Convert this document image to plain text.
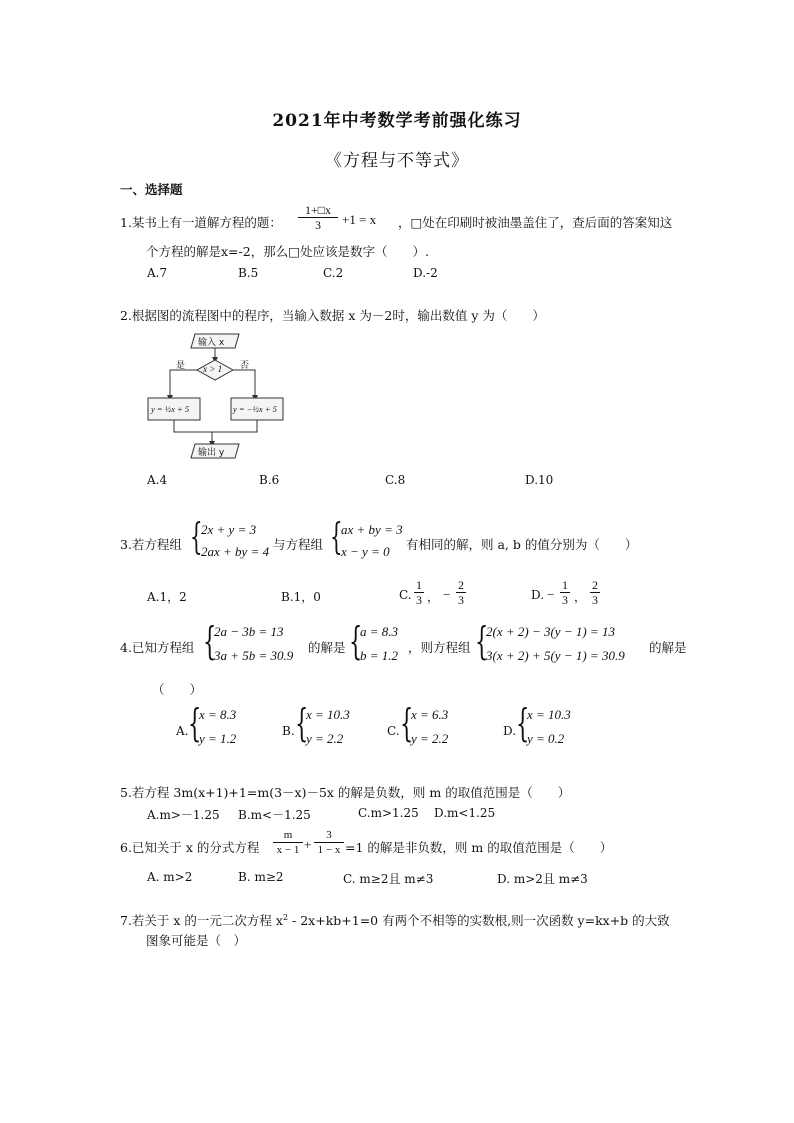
2021年中考数学考前强化练习
《方程与不等式》
一、选择题
1.某书上有一道解方程的题：
1+□x
3 +1 = x ，□处在印刷时被油墨盖住了，查后面的答案知这
个方程的解是x=-2，那么□处应该是数字（　　）.
A.7	B.5	C.2	D.-2
2.根据图的流程图中的程序，当输入数据 x 为－2时，输出数值 y 为（　　）
输入 x
x > 1
是	否
y = ½x + 5	y = −½x + 5
输出 y
A.4	B.6	C.8	D.10
3.若方程组 {
2x + y = 3
2ax + by = 4 与方程组 {
ax + by = 3
x − y = 0 有相同的解，则 a, b 的值分别为（　　）
A.1，2	B.1，0	C.
1
3 ， −
2
3	D. −
1
3 ，
2
3
4.已知方程组 {
2a − 3b = 13
3a + 5b = 30.9
的解是 {
a = 8.3
b = 1.2
，则方程组 {
2(x + 2) − 3(y − 1) = 13
3(x + 2) + 5(y − 1) = 30.9
的解是
（　　）
A. {
x = 8.3
y = 1.2	B. {
x = 10.3
y = 2.2	C. {
x = 6.3
y = 2.2	D. {
x = 10.3
y = 0.2
5.若方程 3m(x+1)+1=m(3－x)－5x 的解是负数，则 m 的取值范围是（　　）
A.m>－1.25 B.m<－1.25	C.m>1.25 D.m<1.25
6.已知关于 x 的分式方程
m
x − 1 +
3
1 − x =1 的解是非负数，则 m 的取值范围是（　　）
A. m>2	B. m≥2	C. m≥2且 m≠3	D. m>2且 m≠3
7.若关于 x 的一元二次方程 $x^2 - 2x+kb+1=0$ 有两个不相等的实数根,则一次函数 y=kx+b 的大致
图象可能是（　）
